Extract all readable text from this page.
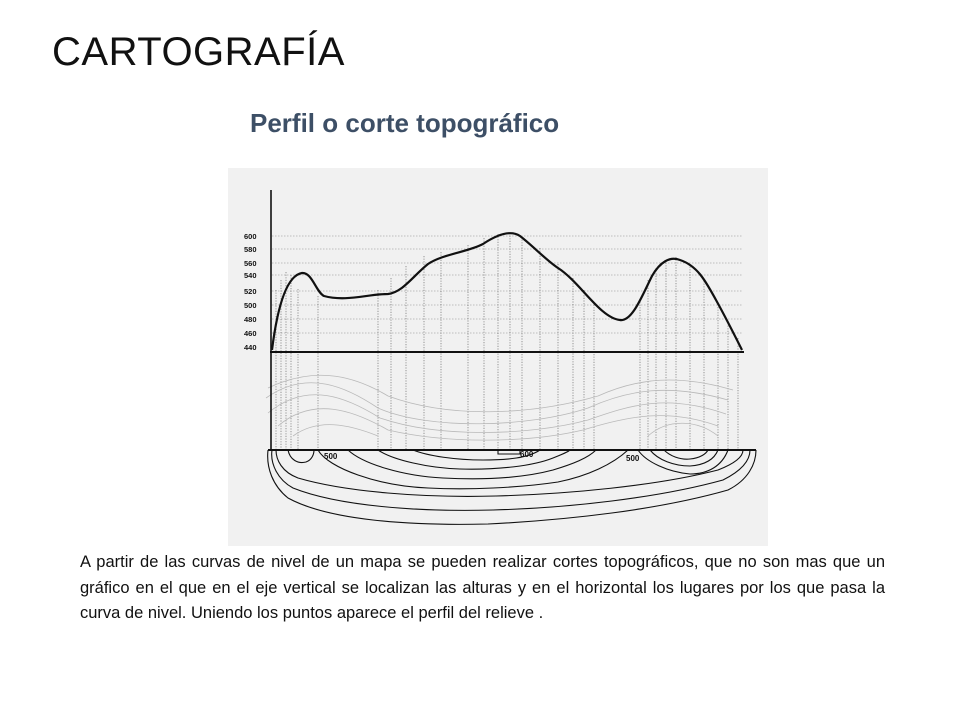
CARTOGRAFÍA
Perfil o corte topográfico
600
580
560
540
520
500
480
460
440
500	600	500
A partir de las curvas de nivel de un mapa se pueden realizar cortes topográficos, que no son mas que un gráfico en el que en el eje vertical se localizan las alturas y en el horizontal los lugares por los que pasa la curva de nivel. Uniendo los puntos aparece el perfil del relieve .
